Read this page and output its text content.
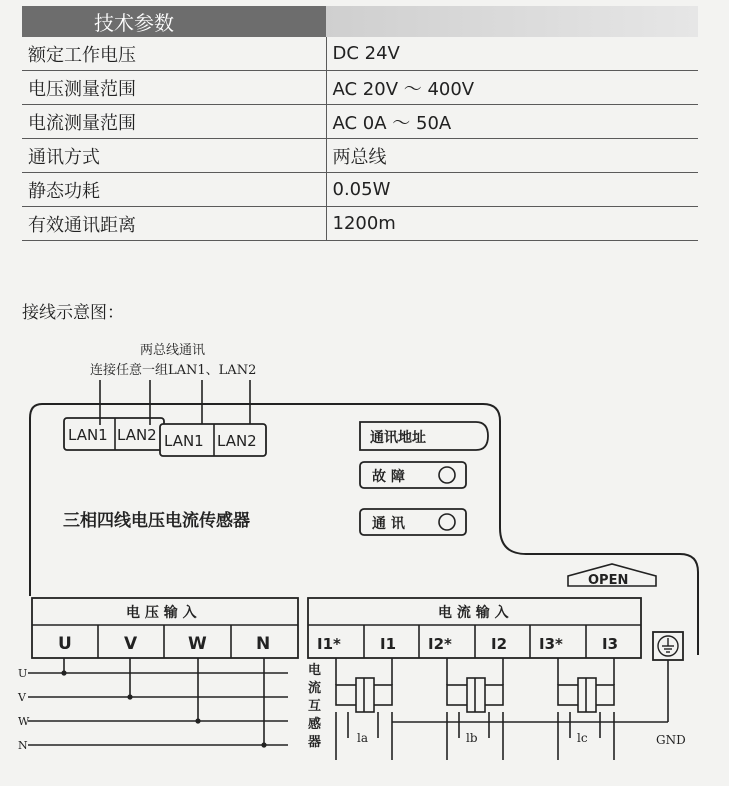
技术参数	
额定工作电压	DC 24V
电压测量范围	AC 20V ～ 400V
电流测量范围	AC 0A ～ 50A
通讯方式	两总线
静态功耗	0.05W
有效通讯距离	1200m
接线示意图：
两总线通讯
连接任意一组LAN1、LAN2
LAN1 LAN2 LAN1 LAN2
三相四线电压电流传感器
通讯地址
故 障
通 讯
OPEN
电 压 输 入
U	V	W	N
电 流 输 入
I1*	I1 I2*	I2 I3*	I3
GND
U
V
W
N
电
流
互
感
器	la	lb	lc
